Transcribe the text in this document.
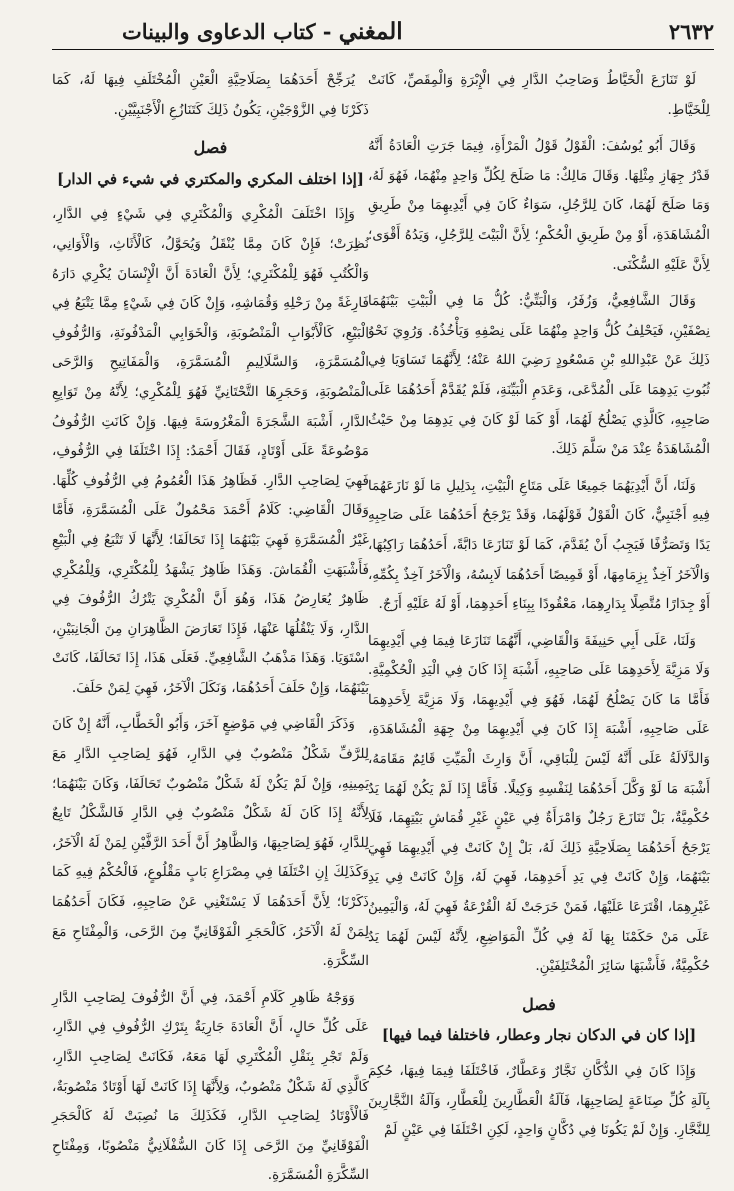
٢٦٣٢
المغني - كتاب الدعاوى والبينات

لَوْ تَنَازَعَ الْخَيَّاطُ وَصَاحِبُ الدَّارِ فِي الْإِبْرَةِ وَالْمِقَصِّ، كَانَتْ لِلْخَيَّاطِ.

وَقَالَ أَبُو يُوسُفَ: الْقَوْلُ قَوْلُ الْمَرْأَةِ، فِيمَا جَرَتِ الْعَادَةُ أَنَّهُ قَدْرُ جِهَازِ مِثْلِهَا. وَقَالَ مَالِكٌ: مَا صَلَحَ لِكُلِّ وَاحِدٍ مِنْهُمَا، فَهُوَ لَهُ، وَمَا صَلَحَ لَهُمَا، كَانَ لِلرَّجُلِ، سَوَاءٌ كَانَ فِي أَيْدِيهِمَا مِنْ طَرِيقِ الْمُشَاهَدَةِ، أَوْ مِنْ طَرِيقِ الْحُكْمِ؛ لِأَنَّ الْبَيْتَ لِلرَّجُلِ، وَيَدُهُ أَقْوَى؛ لِأَنَّ عَلَيْهِ السُّكْنَى.

وَقَالَ الشَّافِعِيُّ، وَزُفَرُ، وَالْبَتِّيُّ: كُلُّ مَا فِي الْبَيْتِ بَيْنَهُمَا نِصْفَيْنِ، فَيَحْلِفُ كُلُّ وَاحِدٍ مِنْهُمَا عَلَى نِصْفِهِ وَيَأْخُذُهُ. وَرُوِيَ نَحْوُ ذَلِكَ عَنْ عَبْدِاللهِ بْنِ مَسْعُودٍ رَضِيَ اللهُ عَنْهُ؛ لِأَنَّهُمَا تَسَاوَيَا فِي ثُبُوتِ يَدِهِمَا عَلَى الْمُدَّعَى، وَعَدَمِ الْبَيِّنَةِ، فَلَمْ يُقَدَّمْ أَحَدُهُمَا عَلَى صَاحِبِهِ، كَالَّذِي يَصْلُحُ لَهُمَا، أَوْ كَمَا لَوْ كَانَ فِي يَدِهِمَا مِنْ حَيْثُ الْمُشَاهَدَةُ عِنْدَ مَنْ سَلَّمَ ذَلِكَ.

وَلَنَا، أَنَّ أَيْدِيَهُمَا جَمِيعًا عَلَى مَتَاعِ الْبَيْتِ، بِدَلِيلِ مَا لَوْ نَازَعَهُمَا فِيهِ أَجْنَبِيٌّ، كَانَ الْقَوْلُ قَوْلَهُمَا، وَقَدْ يَرْجَحُ أَحَدُهُمَا عَلَى صَاحِبِهِ يَدًا وَتَصَرُّفًا فَيَجِبُ أَنْ يُقَدَّمَ، كَمَا لَوْ تَنَازَعَا دَابَّةً، أَحَدُهُمَا رَاكِبُهَا، وَالْآخَرُ آخِذٌ بِزِمَامِهَا، أَوْ قَمِيصًا أَحَدُهُمَا لَابِسُهُ، وَالْآخَرُ آخِذٌ بِكُمِّهِ، أَوْ جِدَارًا مُتَّصِلًا بِدَارِهِمَا، مَعْقُودًا بِبِنَاءِ أَحَدِهِمَا، أَوْ لَهُ عَلَيْهِ أَزَجٌ.

وَلَنَا، عَلَى أَبِي حَنِيفَةَ وَالْقَاضِي، أَنَّهُمَا تَنَازَعَا فِيمَا فِي أَيْدِيهِمَا وَلَا مَزِيَّةَ لِأَحَدِهِمَا عَلَى صَاحِبِهِ، أَشْبَهَ إِذَا كَانَ فِي الْيَدِ الْحُكْمِيَّةِ. فَأَمَّا مَا كَانَ يَصْلُحُ لَهُمَا، فَهُوَ فِي أَيْدِيهِمَا، وَلَا مَزِيَّةَ لِأَحَدِهِمَا عَلَى صَاحِبِهِ، أَشْبَهَ إِذَا كَانَ فِي أَيْدِيهِمَا مِنْ جِهَةِ الْمُشَاهَدَةِ، وَالدَّلَالَةُ عَلَى أَنَّهُ لَيْسَ لِلْبَاقِي، أَنَّ وَارِثَ الْمَيِّتِ قَائِمٌ مَقَامَهُ، أَشْبَهَ مَا لَوْ وَكَّلَ أَحَدُهُمَا لِنَفْسِهِ وَكِيلًا. فَأَمَّا إِذَا لَمْ يَكُنْ لَهُمَا يَدٌ حُكْمِيَّةٌ، بَلْ تَنَازَعَ رَجُلٌ وَامْرَأَةٌ فِي عَيْنٍ غَيْرِ قُمَاشِ بَيْتِهِمَا، فَلَا يَرْجَحُ أَحَدُهُمَا بِصَلَاحِيَّةِ ذَلِكَ لَهُ، بَلْ إِنْ كَانَتْ فِي أَيْدِيهِمَا فَهِيَ بَيْنَهُمَا، وَإِنْ كَانَتْ فِي يَدِ أَحَدِهِمَا، فَهِيَ لَهُ، وَإِنْ كَانَتْ فِي يَدِ غَيْرِهِمَا، اقْتَرَعَا عَلَيْهَا، فَمَنْ خَرَجَتْ لَهُ الْقُرْعَةُ فَهِيَ لَهُ، وَالْيَمِينُ عَلَى مَنْ حَكَمْنَا بِهَا لَهُ فِي كُلِّ الْمَوَاضِعِ، لِأَنَّهُ لَيْسَ لَهُمَا يَدٌ حُكْمِيَّةٌ، فَأَشْبَهَا سَائِرَ الْمُخْتَلِفَيْنِ.

فصل
[إذا كان في الدكان نجار وعطار، فاختلفا فيما فيها]

وَإِذَا كَانَ فِي الدُّكَّانِ نَجَّارٌ وَعَطَّارٌ، فَاخْتَلَفَا فِيمَا فِيهَا، حُكِمَ بِآلَةِ كُلِّ صِنَاعَةٍ لِصَاحِبِهَا، فَآلَةُ الْعَطَّارِينَ لِلْعَطَّارِ، وَآلَةُ النَّجَّارِينَ لِلنَّجَّارِ. وَإِنْ لَمْ يَكُونَا فِي دُكَّانٍ وَاحِدٍ، لَكِنِ اخْتَلَفَا فِي عَيْنٍ لَمْ

يُرَجِّحْ أَحَدَهُمَا بِصَلَاحِيَّةِ الْعَيْنِ الْمُخْتَلَفِ فِيهَا لَهُ، كَمَا ذَكَرْنَا فِي الزَّوْجَيْنِ، يَكُونُ ذَلِكَ كَتَنَازُعِ الْأَجْنَبِيَّيْنِ.

فصل
[إذا اختلف المكري والمكتري في شيء في الدار]

وَإِذَا اخْتَلَفَ الْمُكْرِي وَالْمُكْتَرِي فِي شَيْءٍ فِي الدَّارِ، نُظِرَتْ؛ فَإِنْ كَانَ مِمَّا يُنْقَلُ وَيُحَوَّلُ، كَالْأَثَاثِ، وَالْأَوَانِي، وَالْكُتُبِ فَهُوَ لِلْمُكْتَرِي؛ لِأَنَّ الْعَادَةَ أَنَّ الْإِنْسَانَ يُكْرِي دَارَهُ فَارِغَةً مِنْ رَحْلِهِ وَقُمَاشِهِ، وَإِنْ كَانَ فِي شَيْءٍ مِمَّا يَتْبَعُ فِي الْبَيْعِ، كَالْأَبْوَابِ الْمَنْصُوبَةِ، وَالْخَوَابِي الْمَدْفُونَةِ، وَالرُّفُوفِ الْمُسَمَّرَةِ، وَالسَّلَالِيمِ الْمُسَمَّرَةِ، وَالْمَفَاتِيحِ وَالرَّحَى الْمَنْصُوبَةِ، وَحَجَرِهَا التَّحْتَانِيِّ فَهُوَ لِلْمُكْرِي؛ لِأَنَّهُ مِنْ تَوَابِعِ الدَّارِ، أَشْبَهَ الشَّجَرَةَ الْمَغْرُوسَةَ فِيهَا. وَإِنْ كَانَتِ الرُّفُوفُ مَوْضُوعَةً عَلَى أَوْتَادٍ، فَقَالَ أَحْمَدُ: إِذَا اخْتَلَفَا فِي الرُّفُوفِ، فَهِيَ لِصَاحِبِ الدَّارِ. فَظَاهِرُ هَذَا الْعُمُومُ فِي الرُّفُوفِ كُلِّهَا. وَقَالَ الْقَاضِي: كَلَامُ أَحْمَدَ مَحْمُولٌ عَلَى الْمُسَمَّرَةِ، فَأَمَّا غَيْرُ الْمُسَمَّرَةِ فَهِيَ بَيْنَهُمَا إِذَا تَحَالَفَا؛ لِأَنَّهَا لَا تَتْبَعُ فِي الْبَيْعِ فَأَشْبَهَتِ الْقُمَاشَ. وَهَذَا ظَاهِرٌ يَشْهَدُ لِلْمُكْتَرِي، وَلِلْمُكْرِي ظَاهِرٌ يُعَارِضُ هَذَا، وَهُوَ أَنَّ الْمُكْرِيَ يَتْرُكُ الرُّفُوفَ فِي الدَّارِ، وَلَا يَنْقُلُهَا عَنْهَا، فَإِذَا تَعَارَضَ الظَّاهِرَانِ مِنَ الْجَانِبَيْنِ، اسْتَوَيَا. وَهَذَا مَذْهَبُ الشَّافِعِيِّ. فَعَلَى هَذَا، إِذَا تَحَالَفَا، كَانَتْ بَيْنَهُمَا، وَإِنْ حَلَفَ أَحَدُهُمَا، وَنَكَلَ الْآخَرُ، فَهِيَ لِمَنْ حَلَفَ.

وَذَكَرَ الْقَاضِي فِي مَوْضِعٍ آخَرَ، وَأَبُو الْخَطَّابِ، أَنَّهُ إِنْ كَانَ لِلرَّفِّ شَكْلٌ مَنْصُوبٌ فِي الدَّارِ، فَهُوَ لِصَاحِبِ الدَّارِ مَعَ يَمِينِهِ، وَإِنْ لَمْ يَكُنْ لَهُ شَكْلٌ مَنْصُوبٌ تَحَالَفَا، وَكَانَ بَيْنَهُمَا؛ لِأَنَّهُ إِذَا كَانَ لَهُ شَكْلٌ مَنْصُوبٌ فِي الدَّارِ فَالشَّكْلُ تَابِعٌ لِلدَّارِ، فَهُوَ لِصَاحِبِهَا، وَالظَّاهِرُ أَنَّ أَحَدَ الرَّفَّيْنِ لِمَنْ لَهُ الْآخَرُ، وَكَذَلِكَ إِنِ اخْتَلَفَا فِي مِصْرَاعِ بَابٍ مَقْلُوعٍ، فَالْحُكْمُ فِيهِ كَمَا ذَكَرْنَا؛ لِأَنَّ أَحَدَهُمَا لَا يَسْتَغْنِي عَنْ صَاحِبِهِ، فَكَانَ أَحَدُهُمَا لِمَنْ لَهُ الْآخَرُ، كَالْحَجَرِ الْفَوْقَانِيِّ مِنَ الرَّحَى، وَالْمِفْتَاحِ مَعَ السِّكَّرَةِ.

وَوَجْهُ ظَاهِرِ كَلَامِ أَحْمَدَ، فِي أَنَّ الرُّفُوفَ لِصَاحِبِ الدَّارِ عَلَى كُلِّ حَالٍ، أَنَّ الْعَادَةَ جَارِيَةٌ بِتَرْكِ الرُّفُوفِ فِي الدَّارِ، وَلَمْ تَجْرِ بِنَقْلِ الْمُكْتَرِي لَهَا مَعَهُ، فَكَانَتْ لِصَاحِبِ الدَّارِ، كَالَّذِي لَهُ شَكْلٌ مَنْصُوبٌ، وَلِأَنَّهَا إِذَا كَانَتْ لَهَا أَوْتَادٌ مَنْصُوبَةٌ، فَالْأَوْتَادُ لِصَاحِبِ الدَّارِ، فَكَذَلِكَ مَا نُصِبَتْ لَهُ كَالْحَجَرِ الْفَوْقَانِيِّ مِنَ الرَّحَى إِذَا كَانَ السُّفْلَانِيُّ مَنْصُوبًا، وَمِفْتَاحِ السِّكَّرَةِ الْمُسَمَّرَةِ.
